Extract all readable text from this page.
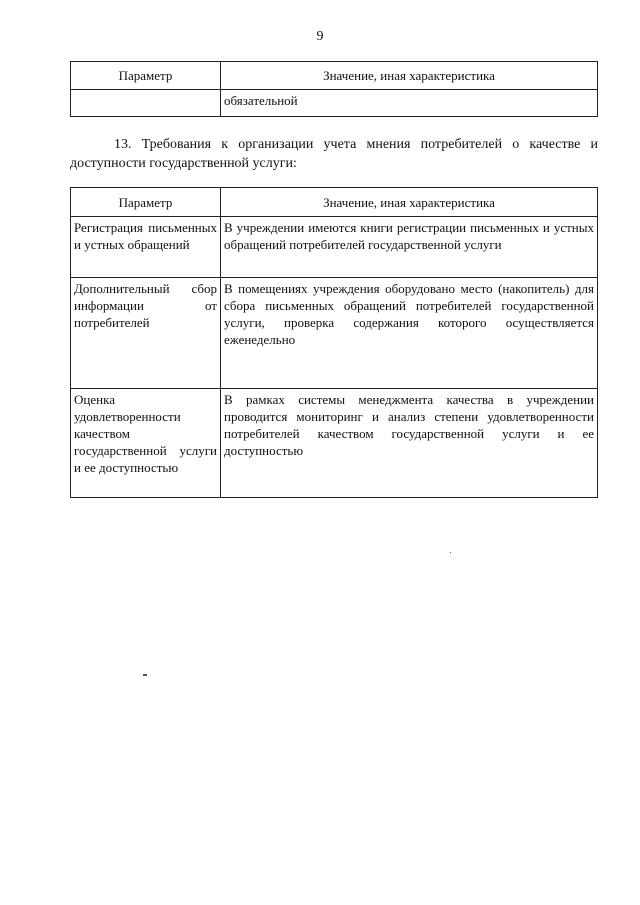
9
Параметр	Значение, иная характеристика
	обязательной
13. Требования к организации учета мнения потребителей о качестве и доступности государственной услуги:
Параметр	Значение, иная характеристика
Регистрация письменных и устных обращений	В учреждении имеются книги регистрации письменных и устных обращений потребителей государственной услуги
Дополнительный сбор информации от потребителей	В помещениях учреждения оборудовано место (накопитель) для сбора письменных обращений потребителей государственной услуги, проверка содержания которого осуществляется еженедельно
Оценка удовлетворенности качеством государственной услуги и ее доступностью	В рамках системы менеджмента качества в учреждении проводится мониторинг и анализ степени удовлетворенности потребителей качеством государственной услуги и ее доступностью
